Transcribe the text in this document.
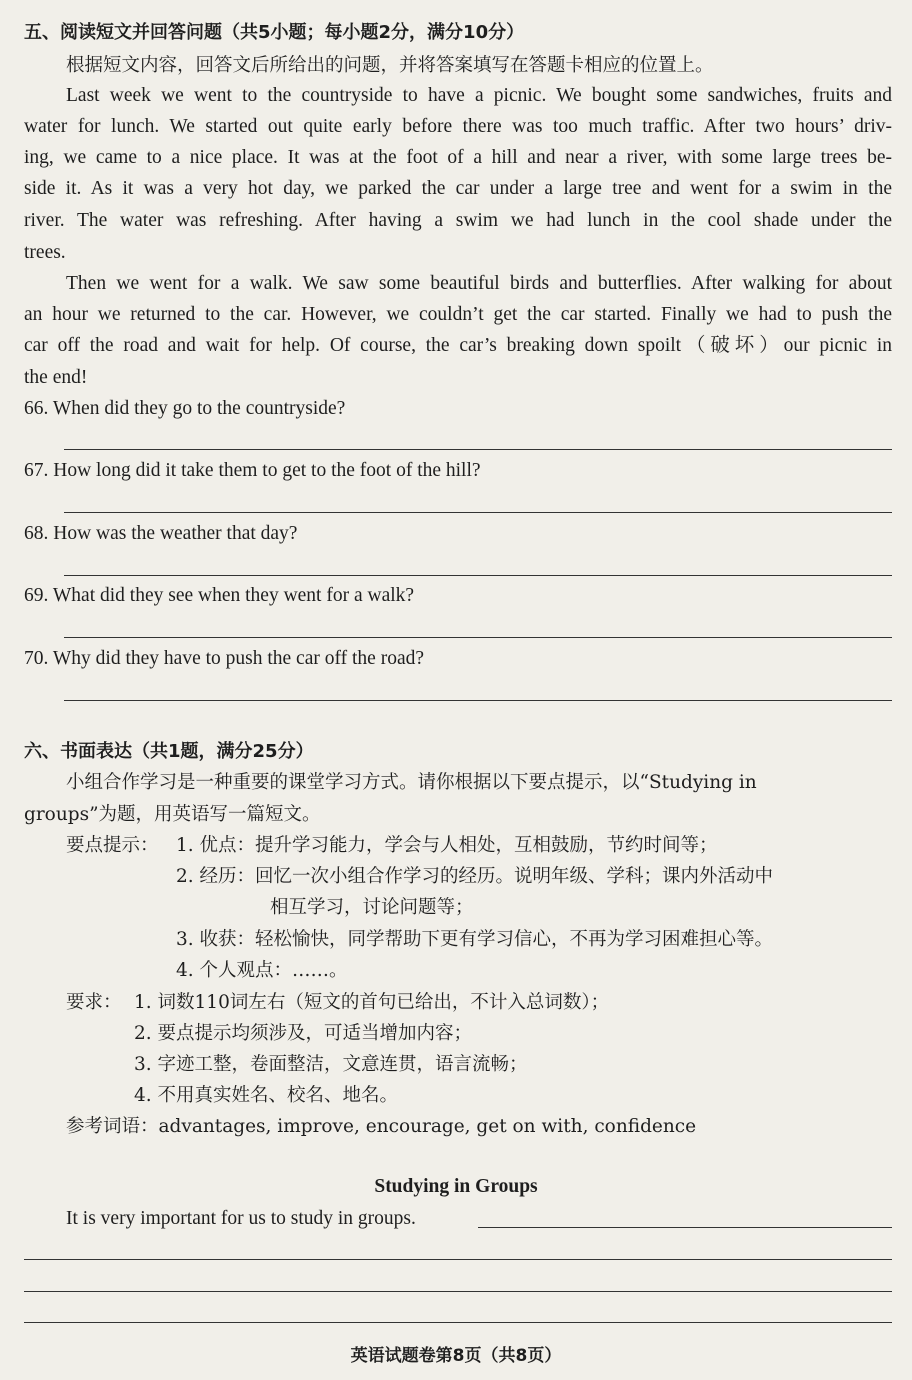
五、阅读短文并回答问题（共5小题；每小题2分，满分10分）
根据短文内容，回答文后所给出的问题，并将答案填写在答题卡相应的位置上。
Last week we went to the countryside to have a picnic. We bought some sandwiches, fruits and
water for lunch. We started out quite early before there was too much traffic. After two hours’ driv-
ing, we came to a nice place. It was at the foot of a hill and near a river, with some large trees be-
side it. As it was a very hot day, we parked the car under a large tree and went for a swim in the
river. The water was refreshing. After having a swim we had lunch in the cool shade under the
trees.
Then we went for a walk. We saw some beautiful birds and butterflies. After walking for about
an hour we returned to the car. However, we couldn’t get the car started. Finally we had to push the
car off the road and wait for help. Of course, the car’s breaking down spoilt（破坏）our picnic in
the end!
66. When did they go to the countryside?
67. How long did it take them to get to the foot of the hill?
68. How was the weather that day?
69. What did they see when they went for a walk?
70. Why did they have to push the car off the road?
六、书面表达（共1题，满分25分）
小组合作学习是一种重要的课堂学习方式。请你根据以下要点提示，以“Studying in
groups”为题，用英语写一篇短文。
要点提示： 1. 优点：提升学习能力，学会与人相处，互相鼓励，节约时间等；
2. 经历：回忆一次小组合作学习的经历。说明年级、学科；课内外活动中
相互学习，讨论问题等；
3. 收获：轻松愉快，同学帮助下更有学习信心，不再为学习困难担心等。
4. 个人观点：……。
要求： 1. 词数110词左右（短文的首句已给出，不计入总词数）；
2. 要点提示均须涉及，可适当增加内容；
3. 字迹工整，卷面整洁，文意连贯，语言流畅；
4. 不用真实姓名、校名、地名。
参考词语：advantages, improve, encourage, get on with, confidence
Studying in Groups
It is very important for us to study in groups.
英语试题卷第8页（共8页）
